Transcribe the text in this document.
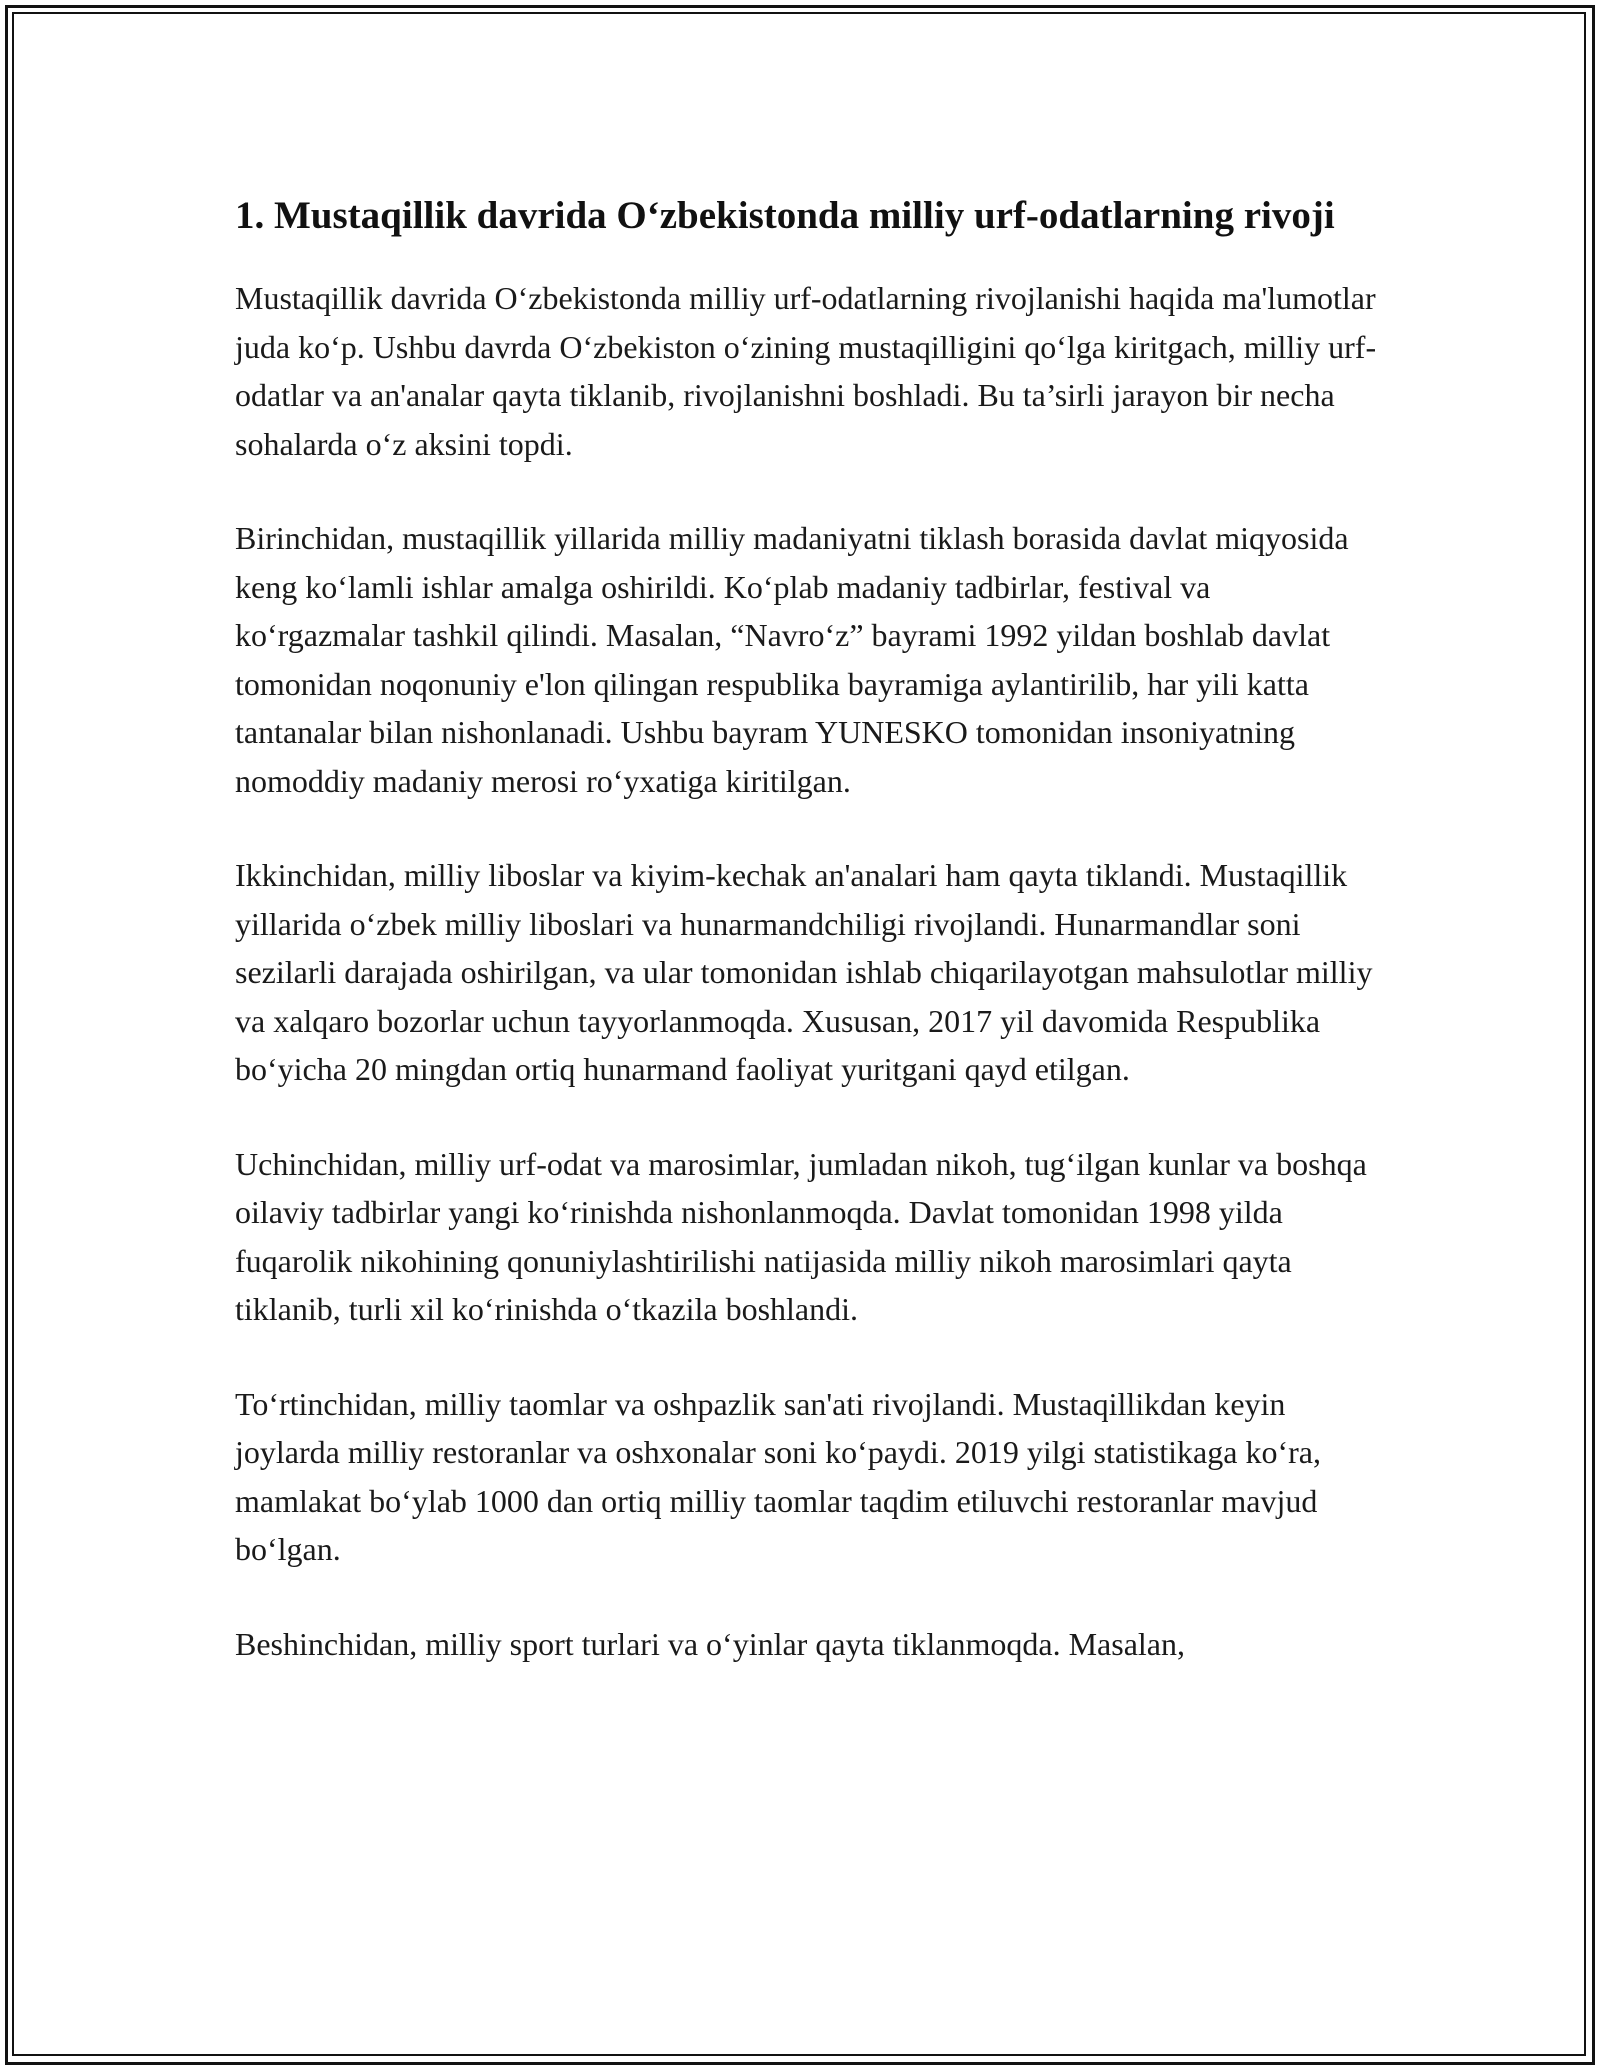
1. Mustaqillik davrida O‘zbekistonda milliy urf-odatlarning rivoji

Mustaqillik davrida O‘zbekistonda milliy urf-odatlarning rivojlanishi haqida ma'lumotlar juda ko‘p. Ushbu davrda O‘zbekiston o‘zining mustaqilligini qo‘lga kiritgach, milliy urf-odatlar va an'analar qayta tiklanib, rivojlanishni boshladi. Bu ta’sirli jarayon bir necha sohalarda o‘z aksini topdi.

Birinchidan, mustaqillik yillarida milliy madaniyatni tiklash borasida davlat miqyosida keng ko‘lamli ishlar amalga oshirildi. Ko‘plab madaniy tadbirlar, festival va ko‘rgazmalar tashkil qilindi. Masalan, “Navro‘z” bayrami 1992 yildan boshlab davlat tomonidan noqonuniy e'lon qilingan respublika bayramiga aylantirilib, har yili katta tantanalar bilan nishonlanadi. Ushbu bayram YUNESKO tomonidan insoniyatning nomoddiy madaniy merosi ro‘yxatiga kiritilgan.

Ikkinchidan, milliy liboslar va kiyim-kechak an'analari ham qayta tiklandi. Mustaqillik yillarida o‘zbek milliy liboslari va hunarmandchiligi rivojlandi. Hunarmandlar soni sezilarli darajada oshirilgan, va ular tomonidan ishlab chiqarilayotgan mahsulotlar milliy va xalqaro bozorlar uchun tayyorlanmoqda. Xususan, 2017 yil davomida Respublika bo‘yicha 20 mingdan ortiq hunarmand faoliyat yuritgani qayd etilgan.

Uchinchidan, milliy urf-odat va marosimlar, jumladan nikoh, tug‘ilgan kunlar va boshqa oilaviy tadbirlar yangi ko‘rinishda nishonlanmoqda. Davlat tomonidan 1998 yilda fuqarolik nikohining qonuniylashtirilishi natijasida milliy nikoh marosimlari qayta tiklanib, turli xil ko‘rinishda o‘tkazila boshlandi.

To‘rtinchidan, milliy taomlar va oshpazlik san'ati rivojlandi. Mustaqillikdan keyin joylarda milliy restoranlar va oshxonalar soni ko‘paydi. 2019 yilgi statistikaga ko‘ra, mamlakat bo‘ylab 1000 dan ortiq milliy taomlar taqdim etiluvchi restoranlar mavjud bo‘lgan.

Beshinchidan, milliy sport turlari va o‘yinlar qayta tiklanmoqda. Masalan,
